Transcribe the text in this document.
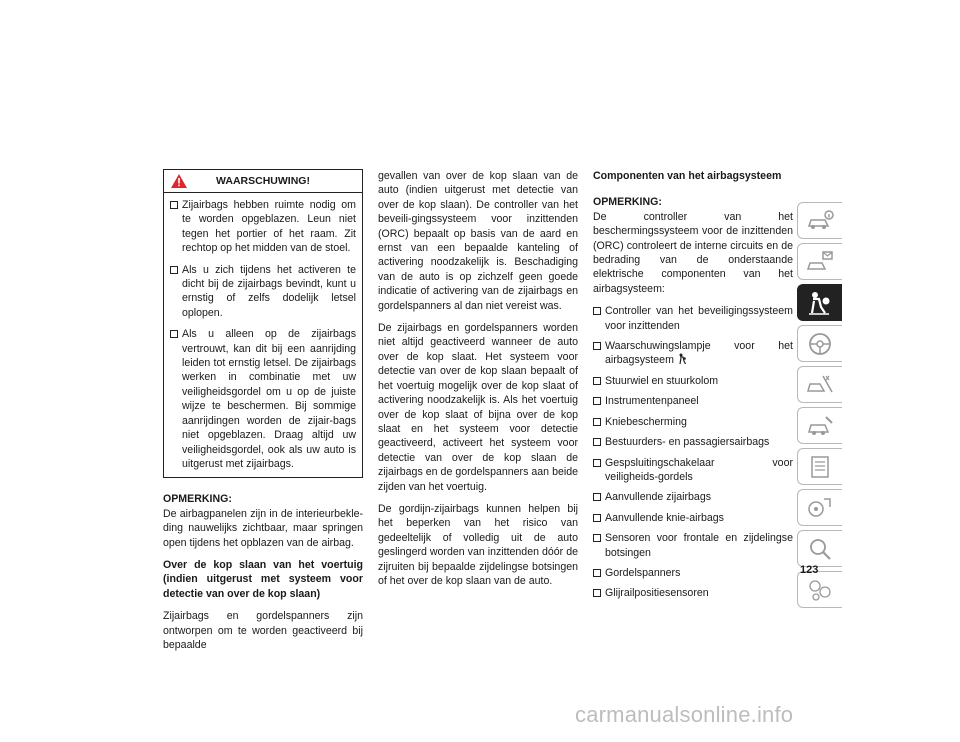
WAARSCHUWING!
Zijairbags hebben ruimte nodig om te worden opgeblazen. Leun niet tegen het portier of het raam. Zit rechtop op het midden van de stoel.
Als u zich tijdens het activeren te dicht bij de zijairbags bevindt, kunt u ernstig of zelfs dodelijk letsel oplopen.
Als u alleen op de zijairbags vertrouwt, kan dit bij een aanrijding leiden tot ernstig letsel. De zijairbags werken in combinatie met uw veiligheidsgordel om u op de juiste wijze te beschermen. Bij sommige aanrijdingen worden de zijair-bags niet opgeblazen. Draag altijd uw veiligheidsgordel, ook als uw auto is uitgerust met zijairbags.
OPMERKING:

De airbagpanelen zijn in de interieurbekle-ding nauwelijks zichtbaar, maar springen open tijdens het opblazen van de airbag.

Over de kop slaan van het voertuig (indien uitgerust met systeem voor detectie van over de kop slaan)

Zijairbags en gordelspanners zijn ontworpen om te worden geactiveerd bij bepaalde

gevallen van over de kop slaan van de auto (indien uitgerust met detectie van over de kop slaan). De controller van het beveili-gingssysteem voor inzittenden (ORC) bepaalt op basis van de aard en ernst van een bepaalde kanteling of activering noodzakelijk is. Beschadiging van de auto is op zichzelf geen goede indicatie of activering van de zijairbags en gordelspanners al dan niet vereist was.

De zijairbags en gordelspanners worden niet altijd geactiveerd wanneer de auto over de kop slaat. Het systeem voor detectie van over de kop slaan bepaalt of het voertuig mogelijk over de kop slaat of activering noodzakelijk is. Als het voertuig over de kop slaat of bijna over de kop slaat en het systeem voor detectie geactiveerd, activeert het systeem voor detectie van over de kop slaan de zijairbags en de gordelspanners aan beide zijden van het voertuig.

De gordijn-zijairbags kunnen helpen bij het beperken van het risico van gedeeltelijk of volledig uit de auto geslingerd worden van inzittenden dóór de zijruiten bij bepaalde zijdelingse botsingen of het over de kop slaan van de auto.

Componenten van het airbagsysteem

OPMERKING:

De controller van het beschermingssysteem voor de inzittenden (ORC) controleert de interne circuits en de bedrading van de onderstaande elektrische componenten van het airbagsysteem:

Controller van het beveiligingssysteem voor inzittenden
Waarschuwingslampje voor het airbagsysteem
Stuurwiel en stuurkolom
Instrumentenpaneel
Kniebescherming
Bestuurders- en passagiersairbags
Gespsluitingschakelaar voor veiligheids-gordels
Aanvullende zijairbags
Aanvullende knie-airbags
Sensoren voor frontale en zijdelingse botsingen
Gordelspanners
Glijrailpositiesensoren
123
carmanualsonline.info
